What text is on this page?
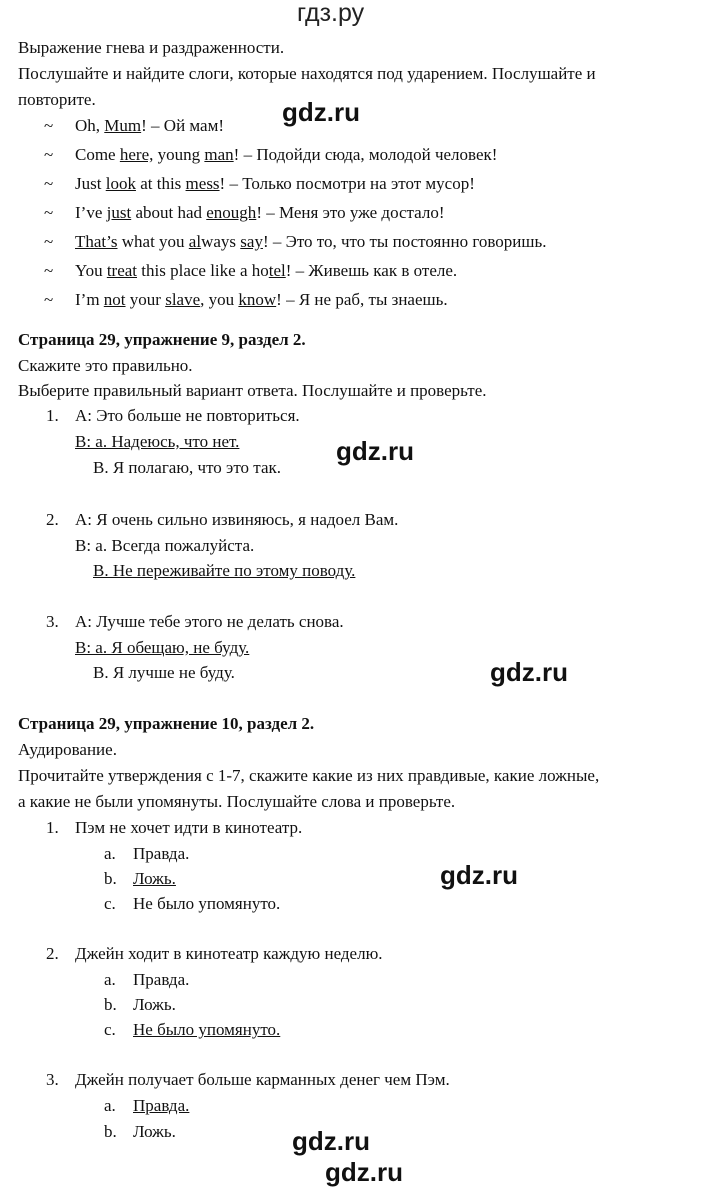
гдз.ру
Выражение гнева и раздраженности.
Послушайте и найдите слоги, которые находятся под ударением. Послушайте и
повторите.
~ Oh, Mum! – Ой мам!
~ Come here, young man! – Подойди сюда, молодой человек!
~ Just look at this mess! – Только посмотри на этот мусор!
~ I’ve just about had enough! – Меня это уже достало!
~ That’s what you always say! – Это то, что ты постоянно говоришь.
~ You treat this place like a hotel! – Живешь как в отеле.
~ I’m not your slave, you know! – Я не раб, ты знаешь.
Страница 29, упражнение 9, раздел 2.
Скажите это правильно.
Выберите правильный вариант ответа. Послушайте и проверьте.
1. A: Это больше не повториться.
B: a. Надеюсь, что нет.
B. Я полагаю, что это так.
2. A: Я очень сильно извиняюсь, я надоел Вам.
B: a. Всегда пожалуйста.
B. Не переживайте по этому поводу.
3. A: Лучше тебе этого не делать снова.
B: a. Я обещаю, не буду.
B. Я лучше не буду.
Страница 29, упражнение 10, раздел 2.
Аудирование.
Прочитайте утверждения с 1-7, скажите какие из них правдивые, какие ложные,
а какие не были упомянуты. Послушайте слова и проверьте.
1. Пэм не хочет идти в кинотеатр.
a. Правда.
b. Ложь.
c. Не было упомянуто.
2. Джейн ходит в кинотеатр каждую неделю.
a. Правда.
b. Ложь.
c. Не было упомянуто.
3. Джейн получает больше карманных денег чем Пэм.
a. Правда.
b. Ложь.
gdz.ru
gdz.ru
gdz.ru
gdz.ru
gdz.ru
gdz.ru
